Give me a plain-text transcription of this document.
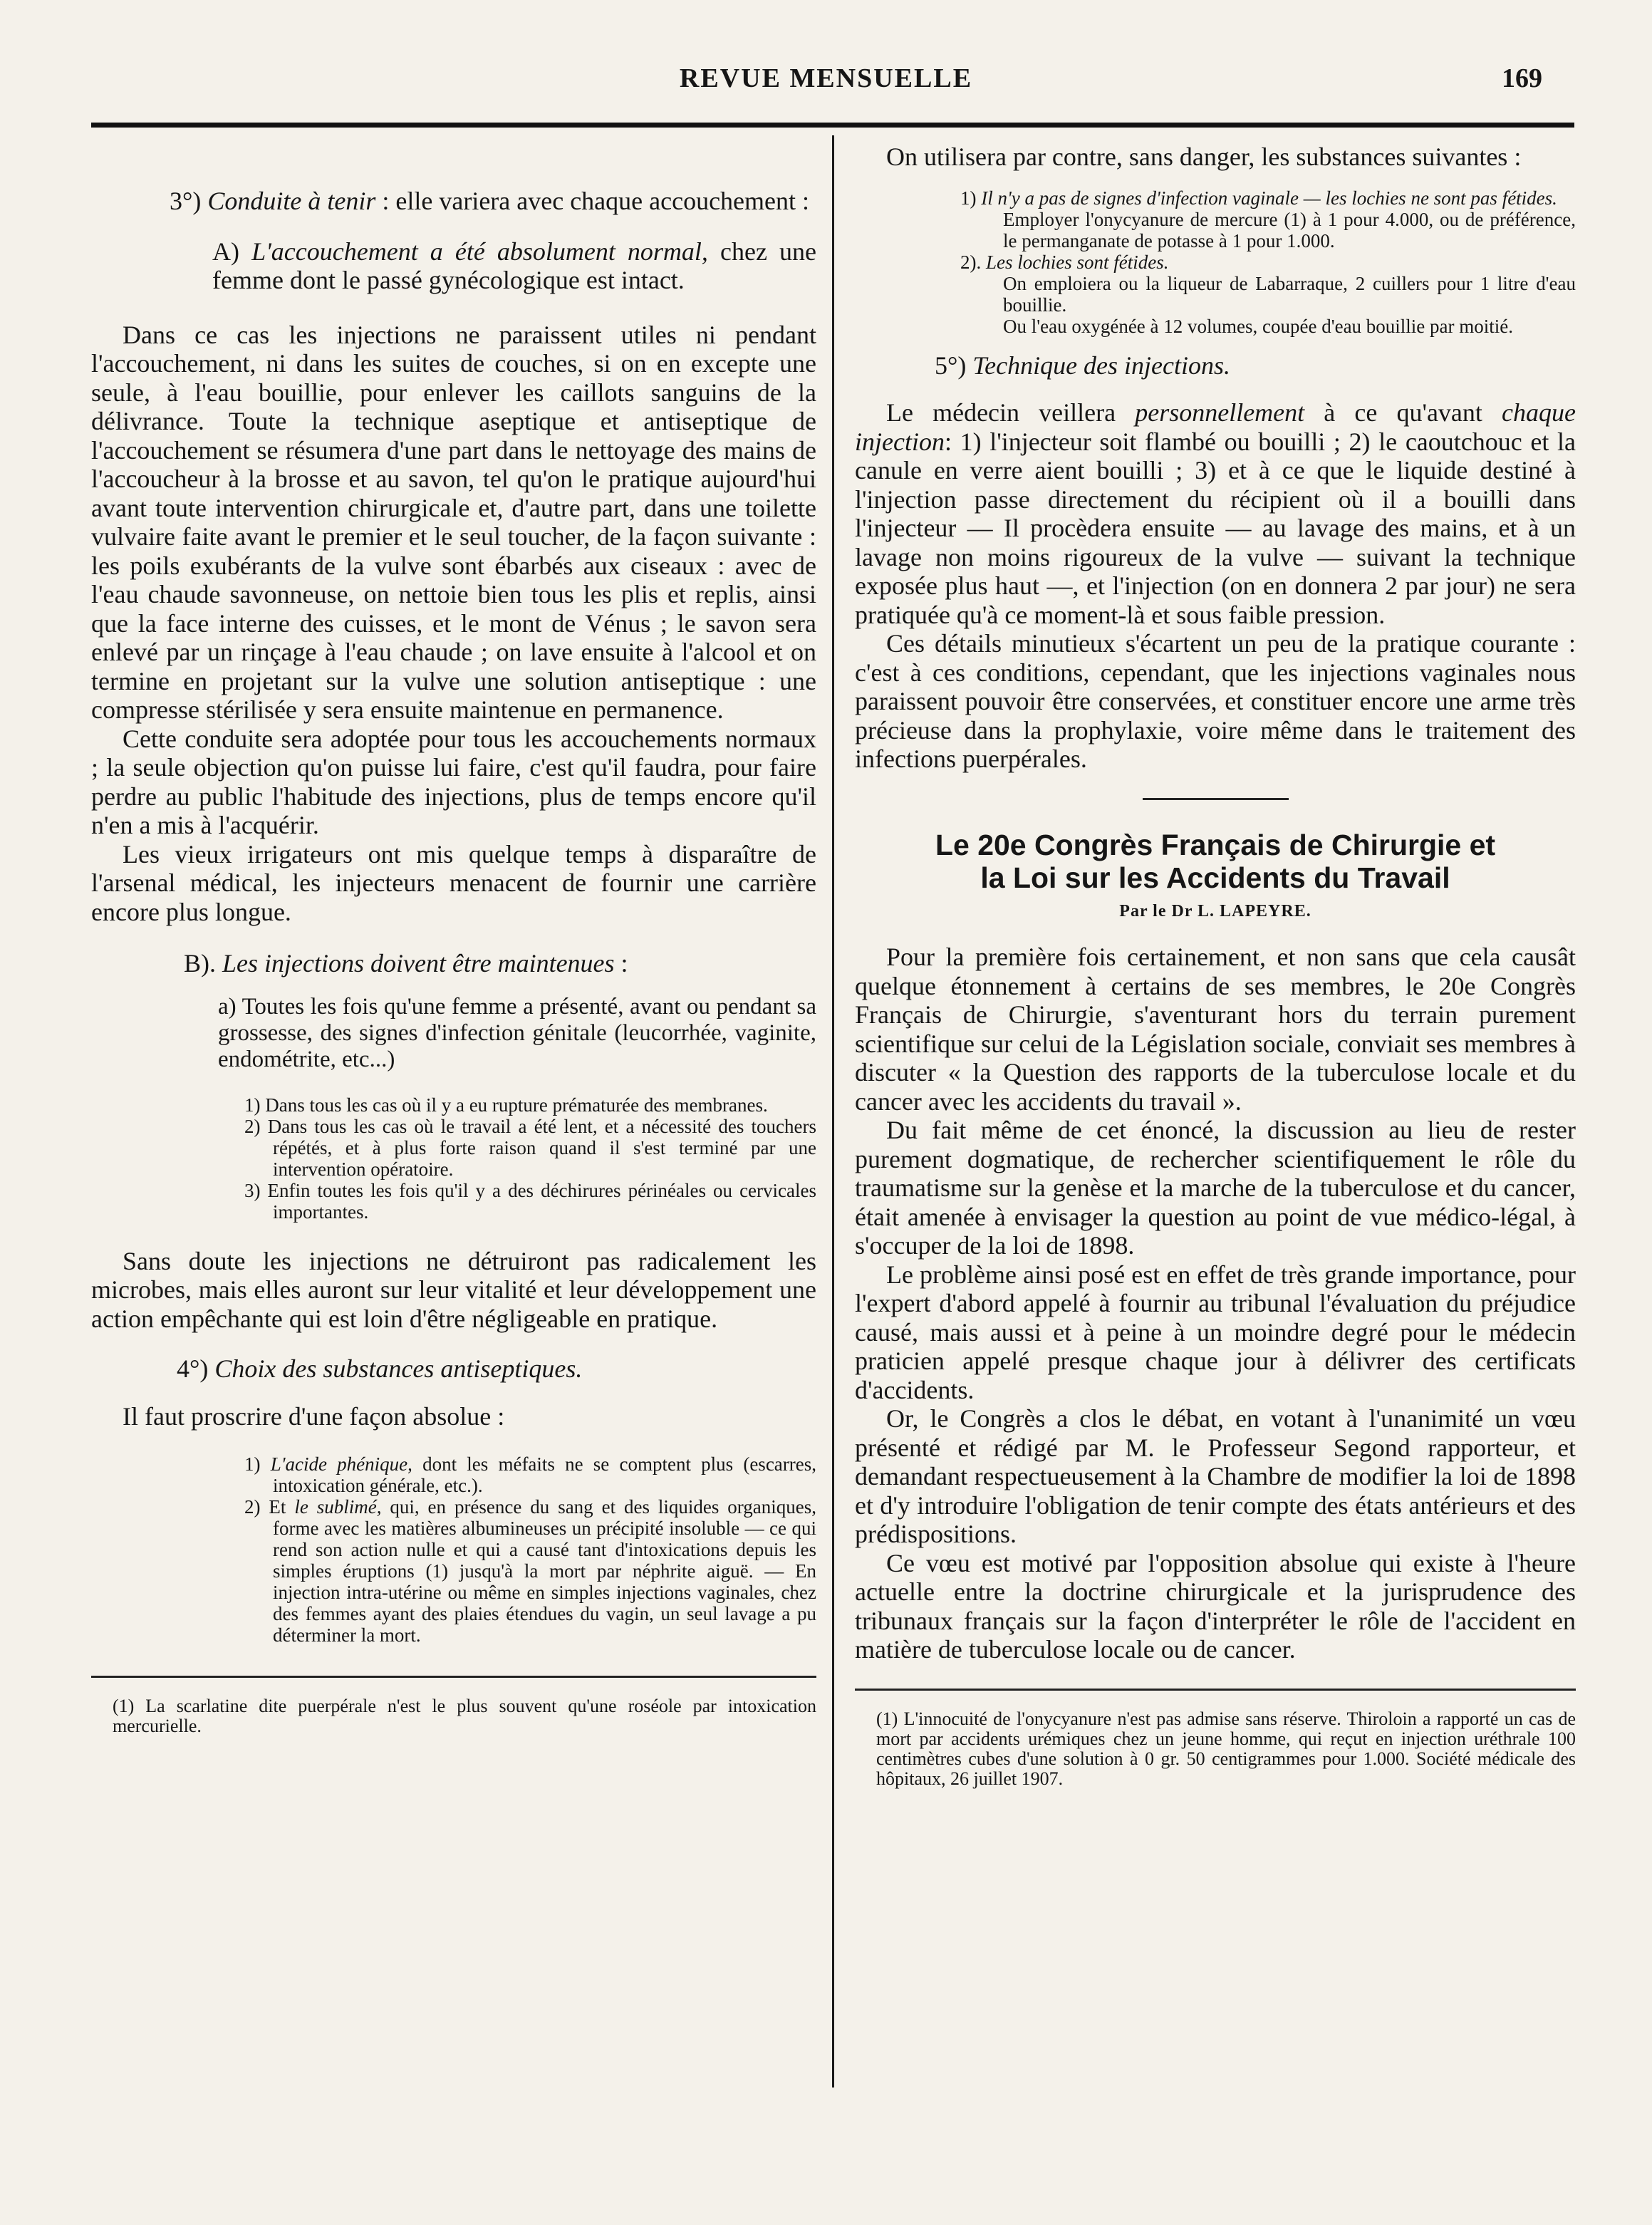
REVUE MENSUELLE	169

3°) Conduite à tenir : elle variera avec chaque accouchement :

A) L'accouchement a été absolument normal, chez une femme dont le passé gynécologique est intact.

Dans ce cas les injections ne paraissent utiles ni pendant l'accouchement, ni dans les suites de couches, si on en excepte une seule, à l'eau bouillie, pour enlever les caillots sanguins de la délivrance. Toute la technique aseptique et antiseptique de l'accouchement se résumera d'une part dans le nettoyage des mains de l'accoucheur à la brosse et au savon, tel qu'on le pratique aujourd'hui avant toute intervention chirurgicale et, d'autre part, dans une toilette vulvaire faite avant le premier et le seul toucher, de la façon suivante : les poils exubérants de la vulve sont ébarbés aux ciseaux : avec de l'eau chaude savonneuse, on nettoie bien tous les plis et replis, ainsi que la face interne des cuisses, et le mont de Vénus ; le savon sera enlevé par un rinçage à l'eau chaude ; on lave ensuite à l'alcool et on termine en projetant sur la vulve une solution antiseptique : une compresse stérilisée y sera ensuite maintenue en permanence.

Cette conduite sera adoptée pour tous les accouchements normaux ; la seule objection qu'on puisse lui faire, c'est qu'il faudra, pour faire perdre au public l'habitude des injections, plus de temps encore qu'il n'en a mis à l'acquérir.

Les vieux irrigateurs ont mis quelque temps à disparaître de l'arsenal médical, les injecteurs menacent de fournir une carrière encore plus longue.

B). Les injections doivent être maintenues :

a) Toutes les fois qu'une femme a présenté, avant ou pendant sa grossesse, des signes d'infection génitale (leucorrhée, vaginite, endométrite, etc...)

1) Dans tous les cas où il y a eu rupture prématurée des membranes.
2) Dans tous les cas où le travail a été lent, et a nécessité des touchers répétés, et à plus forte raison quand il s'est terminé par une intervention opératoire.
3) Enfin toutes les fois qu'il y a des déchirures périnéales ou cervicales importantes.

Sans doute les injections ne détruiront pas radicalement les microbes, mais elles auront sur leur vitalité et leur développement une action empêchante qui est loin d'être négligeable en pratique.

4°) Choix des substances antiseptiques.

Il faut proscrire d'une façon absolue :

1) L'acide phénique, dont les méfaits ne se comptent plus (escarres, intoxication générale, etc.).
2) Et le sublimé, qui, en présence du sang et des liquides organiques, forme avec les matières albumineuses un précipité insoluble — ce qui rend son action nulle et qui a causé tant d'intoxications depuis les simples éruptions (1) jusqu'à la mort par néphrite aiguë. — En injection intra-utérine ou même en simples injections vaginales, chez des femmes ayant des plaies étendues du vagin, un seul lavage a pu déterminer la mort.

(1) La scarlatine dite puerpérale n'est le plus souvent qu'une roséole par intoxication mercurielle.

On utilisera par contre, sans danger, les substances suivantes :

1) Il n'y a pas de signes d'infection vaginale — les lochies ne sont pas fétides.

Employer l'onycyanure de mercure (1) à 1 pour 4.000, ou de préférence, le permanganate de potasse à 1 pour 1.000.

2). Les lochies sont fétides.

On emploiera ou la liqueur de Labarraque, 2 cuillers pour 1 litre d'eau bouillie.

Ou l'eau oxygénée à 12 volumes, coupée d'eau bouillie par moitié.

5°) Technique des injections.

Le médecin veillera personnellement à ce qu'avant chaque injection: 1) l'injecteur soit flambé ou bouilli ; 2) le caoutchouc et la canule en verre aient bouilli ; 3) et à ce que le liquide destiné à l'injection passe directement du récipient où il a bouilli dans l'injecteur — Il procèdera ensuite — au lavage des mains, et à un lavage non moins rigoureux de la vulve — suivant la technique exposée plus haut —, et l'injection (on en donnera 2 par jour) ne sera pratiquée qu'à ce moment-là et sous faible pression.

Ces détails minutieux s'écartent un peu de la pratique courante : c'est à ces conditions, cependant, que les injections vaginales nous paraissent pouvoir être conservées, et constituer encore une arme très précieuse dans la prophylaxie, voire même dans le traitement des infections puerpérales.

Le 20e Congrès Français de Chirurgie et
la Loi sur les Accidents du Travail
Par le Dr L. LAPEYRE.

Pour la première fois certainement, et non sans que cela causât quelque étonnement à certains de ses membres, le 20e Congrès Français de Chirurgie, s'aventurant hors du terrain purement scientifique sur celui de la Législation sociale, conviait ses membres à discuter « la Question des rapports de la tuberculose locale et du cancer avec les accidents du travail ».

Du fait même de cet énoncé, la discussion au lieu de rester purement dogmatique, de rechercher scientifiquement le rôle du traumatisme sur la genèse et la marche de la tuberculose et du cancer, était amenée à envisager la question au point de vue médico-légal, à s'occuper de la loi de 1898.

Le problème ainsi posé est en effet de très grande importance, pour l'expert d'abord appelé à fournir au tribunal l'évaluation du préjudice causé, mais aussi et à peine à un moindre degré pour le médecin praticien appelé presque chaque jour à délivrer des certificats d'accidents.

Or, le Congrès a clos le débat, en votant à l'unanimité un vœu présenté et rédigé par M. le Professeur Segond rapporteur, et demandant respectueusement à la Chambre de modifier la loi de 1898 et d'y introduire l'obligation de tenir compte des états antérieurs et des prédispositions.

Ce vœu est motivé par l'opposition absolue qui existe à l'heure actuelle entre la doctrine chirurgicale et la jurisprudence des tribunaux français sur la façon d'interpréter le rôle de l'accident en matière de tuberculose locale ou de cancer.

(1) L'innocuité de l'onycyanure n'est pas admise sans réserve. Thiroloin a rapporté un cas de mort par accidents urémiques chez un jeune homme, qui reçut en injection uréthrale 100 centimètres cubes d'une solution à 0 gr. 50 centigrammes pour 1.000. Société médicale des hôpitaux, 26 juillet 1907.
